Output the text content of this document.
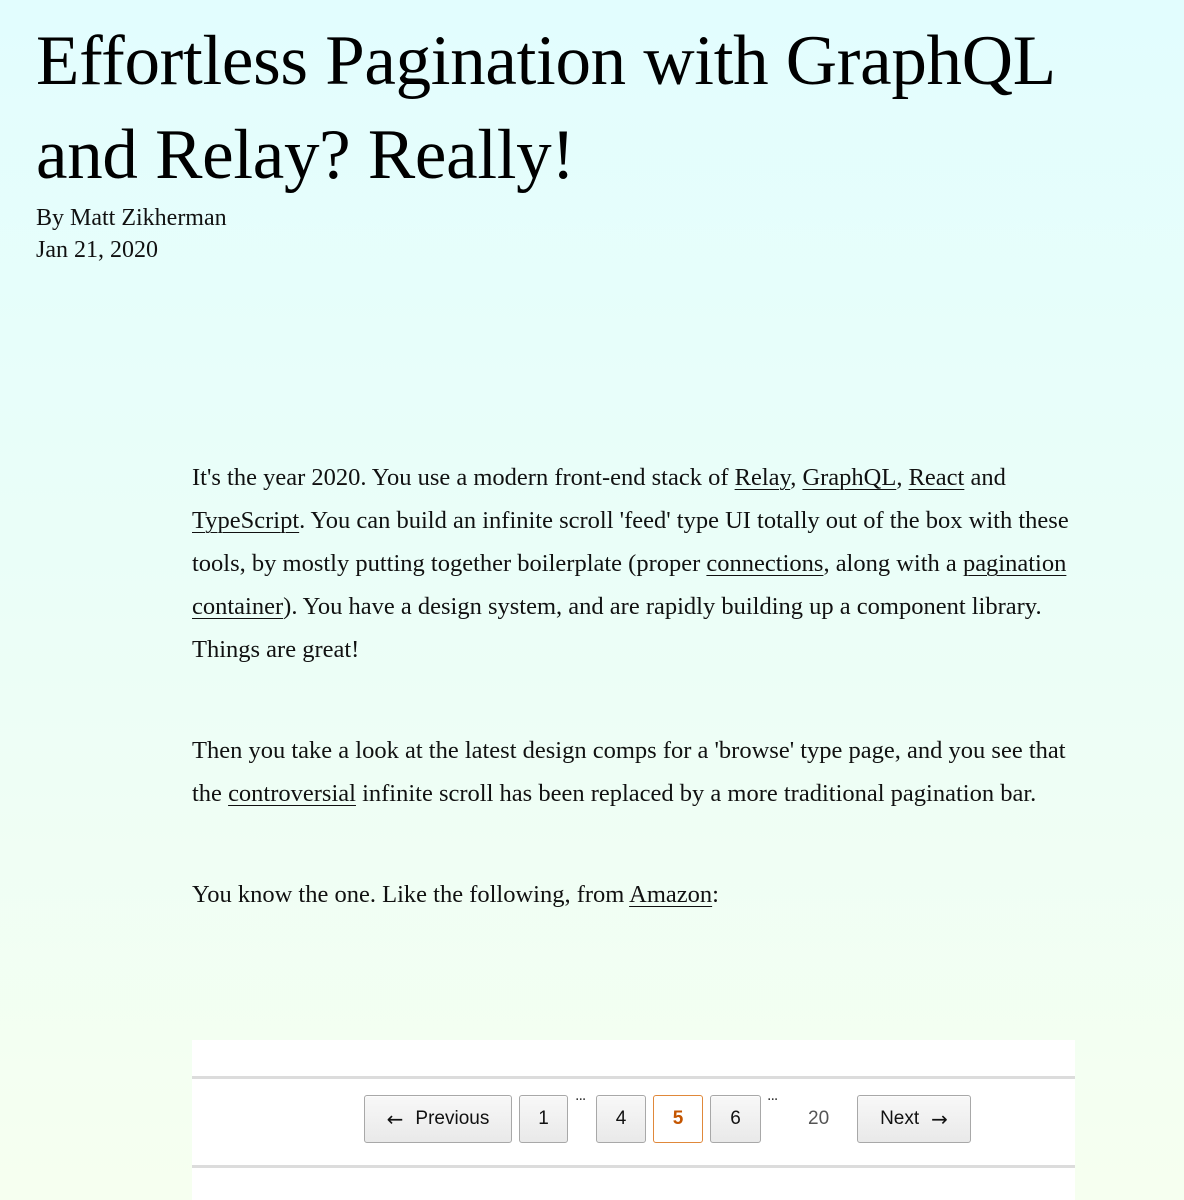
Effortless Pagination with GraphQL and Relay? Really!
By Matt Zikherman
Jan 21, 2020

It's the year 2020. You use a modern front-end stack of Relay, GraphQL, React and TypeScript. You can build an infinite scroll 'feed' type UI totally out of the box with these tools, by mostly putting together boilerplate (proper connections, along with a pagination container). You have a design system, and are rapidly building up a component library. Things are great!

Then you take a look at the latest design comps for a 'browse' type page, and you see that the controversial infinite scroll has been replaced by a more traditional pagination bar.

You know the one. Like the following, from Amazon:

← Previous	1
...
4	5	6
...
20	Next →
